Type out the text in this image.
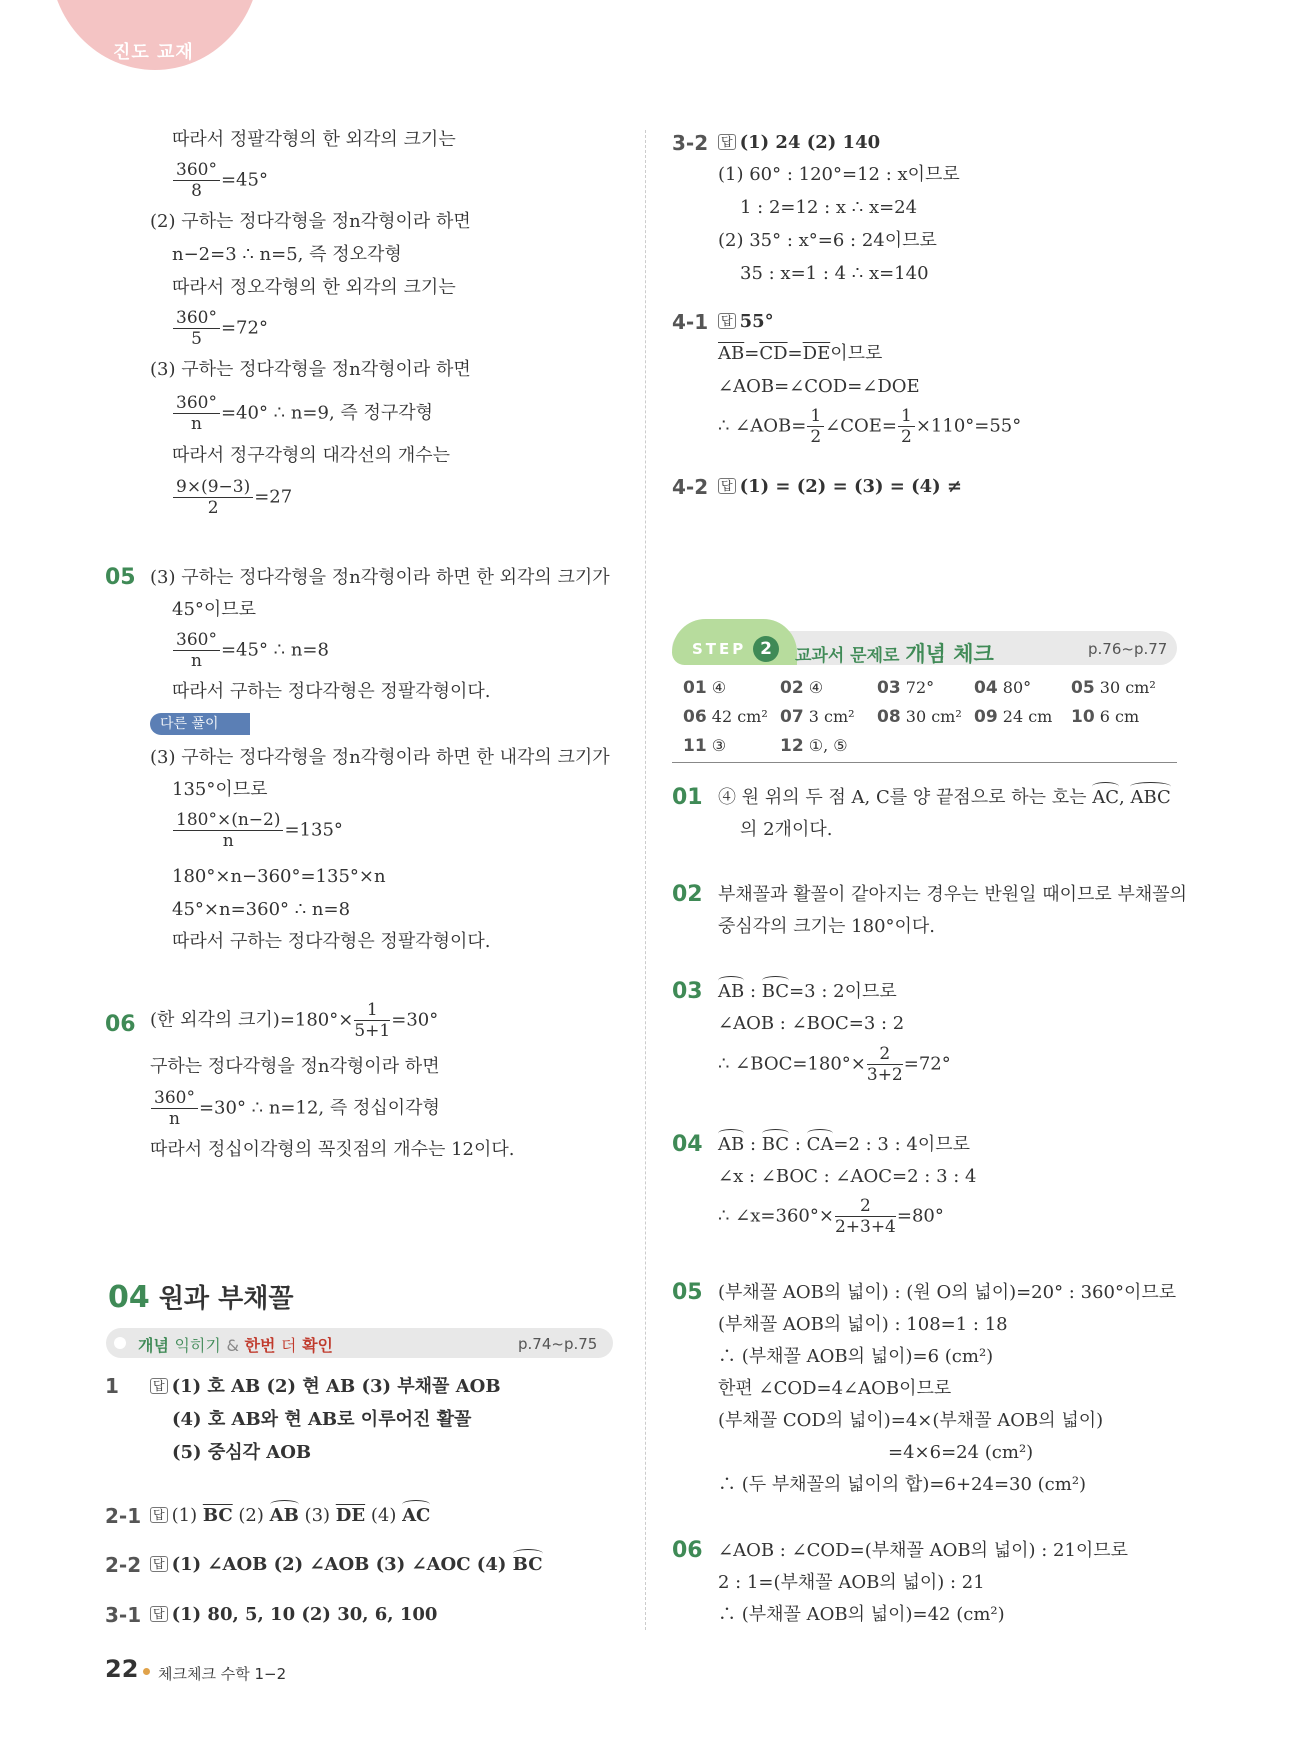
진도 교재
따라서 정팔각형의 한 외각의 크기는
$\frac{360^\circ}{8} =45^\circ$
(2) 구하는 정다각형을 정n각형이라 하면
n−2=3 ∴ n=5, 즉 정오각형
따라서 정오각형의 한 외각의 크기는
$\frac{360^\circ}{5} =72^\circ$
(3) 구하는 정다각형을 정n각형이라 하면
$\frac{360^\circ}{n} =40^\circ$ ∴ n=9, 즉 정구각형
따라서 정구각형의 대각선의 개수는
$\frac{9\times(9-3)}{2} =27$
05 (3) 구하는 정다각형을 정n각형이라 하면 한 외각의 크기가
45°이므로
$\frac{360^\circ}{n} =45^\circ$ ∴ n=8
따라서 구하는 정다각형은 정팔각형이다.
다른 풀이
(3) 구하는 정다각형을 정n각형이라 하면 한 내각의 크기가
135°이므로
$\frac{180^\circ\times(n-2)}{n} =135^\circ$
180°×n−360°=135°×n
45°×n=360° ∴ n=8
따라서 구하는 정다각형은 정팔각형이다.
06 (한 외각의 크기)$=180^\circ\times \frac{1}{5+1} =30^\circ$
구하는 정다각형을 정n각형이라 하면
$\frac{360^\circ}{n} =30^\circ$ ∴ n=12, 즉 정십이각형
따라서 정십이각형의 꼭짓점의 개수는 12이다.
04 원과 부채꼴
개념 익히기 & 한번 더 확인	p.74~p.75
1	답 (1) 호 AB (2) 현 AB (3) 부채꼴 AOB
(4) 호 AB와 현 AB로 이루어진 활꼴
(5) 중심각 AOB
2-1 답 (1) $\overline{BC}$ (2) AB (3) $\overline{DE}$ (4) AC
2-2 답 (1) ∠AOB (2) ∠AOB (3) ∠AOC (4) BC
3-1 답 (1) 80, 5, 10 (2) 30, 6, 100
3-2 답 (1) 24 (2) 140
(1) 60° : 120°=12 : x이므로
1 : 2=12 : x ∴ x=24
(2) 35° : x°=6 : 24이므로
35 : x=1 : 4 ∴ x=140
4-1 답 55°
$\overline{AB}=\overline{CD}=\overline{DE}$이므로
∠AOB=∠COD=∠DOE
∴ ∠AOB= $\frac{1}{2}$ ∠COE= $\frac{1}{2} \times 110^\circ=55^\circ$
4-2 답 (1) = (2) = (3) = (4) ≠
STEP 2	교과서 문제로 개념 체크	p.76~p.77
01 ④	02 ④	03 72° 04 80° 05 30 cm²
06 42 cm² 07 3 cm² 08 30 cm² 09 24 cm 10 6 cm
11 ③	12 ①, ⑤
01 ④ 원 위의 두 점 A, C를 양 끝점으로 하는 호는 AC, ABC
의 2개이다.
02 부채꼴과 활꼴이 같아지는 경우는 반원일 때이므로 부채꼴의
중심각의 크기는 180°이다.
03 AB : BC=3 : 2이므로
∠AOB : ∠BOC=3 : 2
∴ ∠BOC=180°× $\frac{2}{3+2} =72^\circ$
04 AB : BC : CA=2 : 3 : 4이므로
∠x : ∠BOC : ∠AOC=2 : 3 : 4
∴ ∠x=360°× $\frac{2}{2+3+4} =80^\circ$
05 (부채꼴 AOB의 넓이) : (원 O의 넓이)=20° : 360°이므로
(부채꼴 AOB의 넓이) : 108=1 : 18
∴ (부채꼴 AOB의 넓이)=6 (cm²)
한편 ∠COD=4∠AOB이므로
(부채꼴 COD의 넓이)=4×(부채꼴 AOB의 넓이)
=4×6=24 (cm²)
∴ (두 부채꼴의 넓이의 합)=6+24=30 (cm²)
06 ∠AOB : ∠COD=(부채꼴 AOB의 넓이) : 21이므로
2 : 1=(부채꼴 AOB의 넓이) : 21
∴ (부채꼴 AOB의 넓이)=42 (cm²)
22 체크체크 수학 1−2
